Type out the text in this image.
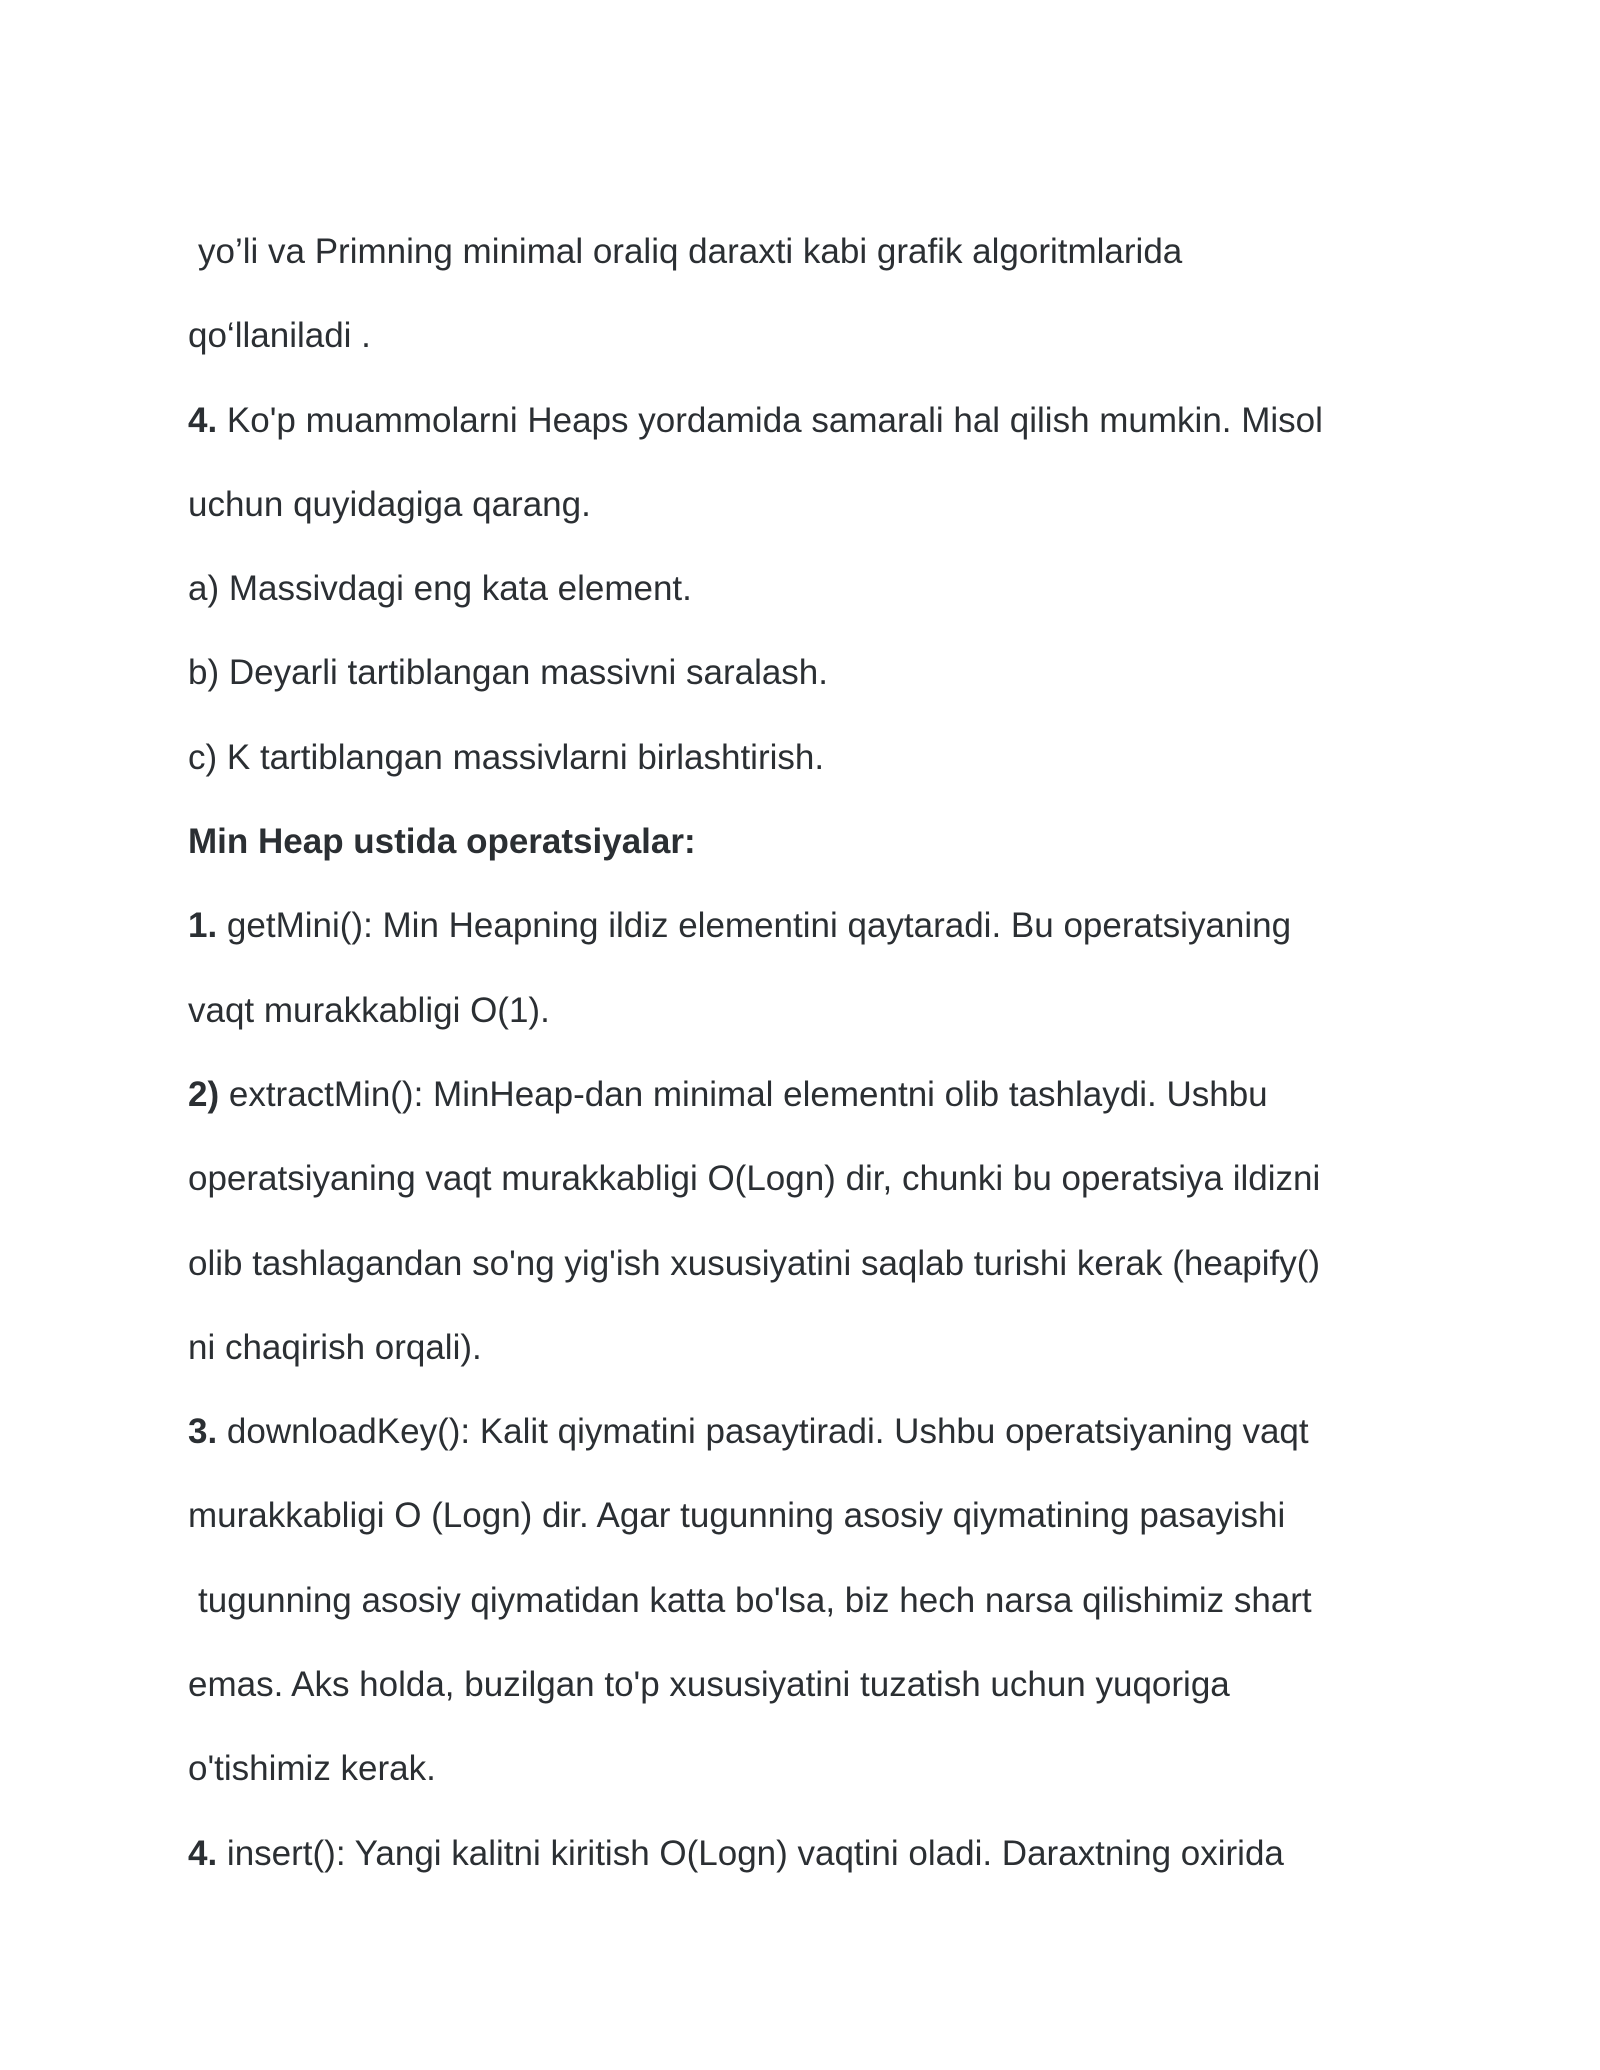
yo’li va Primning minimal oraliq daraxti kabi grafik algoritmlarida
qo‘llaniladi .
4. Ko'p muammolarni Heaps yordamida samarali hal qilish mumkin. Misol
uchun quyidagiga qarang.
a) Massivdagi eng kata element.
b) Deyarli tartiblangan massivni saralash.
c) K tartiblangan massivlarni birlashtirish.
Min Heap ustida operatsiyalar:
1. getMini(): Min Heapning ildiz elementini qaytaradi. Bu operatsiyaning
vaqt murakkabligi O(1).
2) extractMin(): MinHeap-dan minimal elementni olib tashlaydi. Ushbu
operatsiyaning vaqt murakkabligi O(Logn) dir, chunki bu operatsiya ildizni
olib tashlagandan so'ng yig'ish xususiyatini saqlab turishi kerak (heapify()
ni chaqirish orqali).
3. downloadKey(): Kalit qiymatini pasaytiradi. Ushbu operatsiyaning vaqt
murakkabligi O (Logn) dir. Agar tugunning asosiy qiymatining pasayishi
tugunning asosiy qiymatidan katta bo'lsa, biz hech narsa qilishimiz shart
emas. Aks holda, buzilgan to'p xususiyatini tuzatish uchun yuqoriga
o'tishimiz kerak.
4. insert(): Yangi kalitni kiritish O(Logn) vaqtini oladi. Daraxtning oxirida
